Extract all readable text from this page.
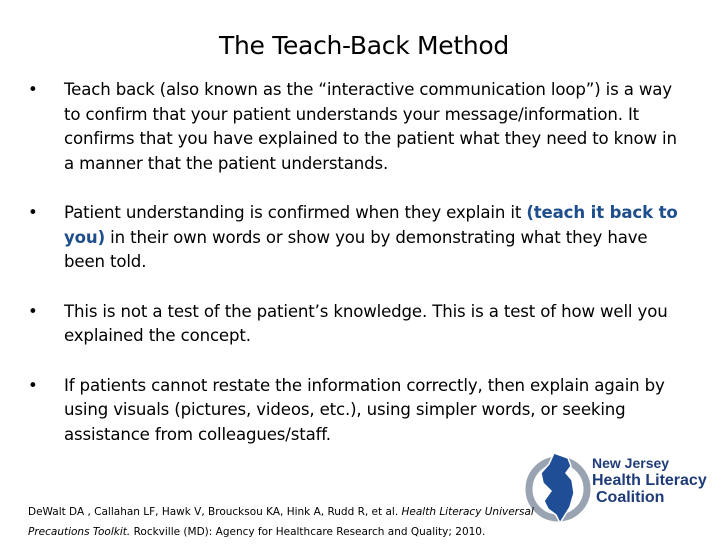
The Teach-Back Method
• Teach back (also known as the “interactive communication loop”) is a way to confirm that your patient understands your message/information. It confirms that you have explained to the patient what they need to know in a manner that the patient understands.
• Patient understanding is confirmed when they explain it (teach it back to you) in their own words or show you by demonstrating what they have been told.
• This is not a test of the patient’s knowledge. This is a test of how well you explained the concept.
• If patients cannot restate the information correctly, then explain again by using visuals (pictures, videos, etc.), using simpler words, or seeking assistance from colleagues/staff.
New Jersey
Health Literacy
Coalition
DeWalt DA , Callahan LF, Hawk V, Broucksou KA, Hink A, Rudd R, et al. Health Literacy Universal Precautions Toolkit. Rockville (MD): Agency for Healthcare Research and Quality; 2010.
